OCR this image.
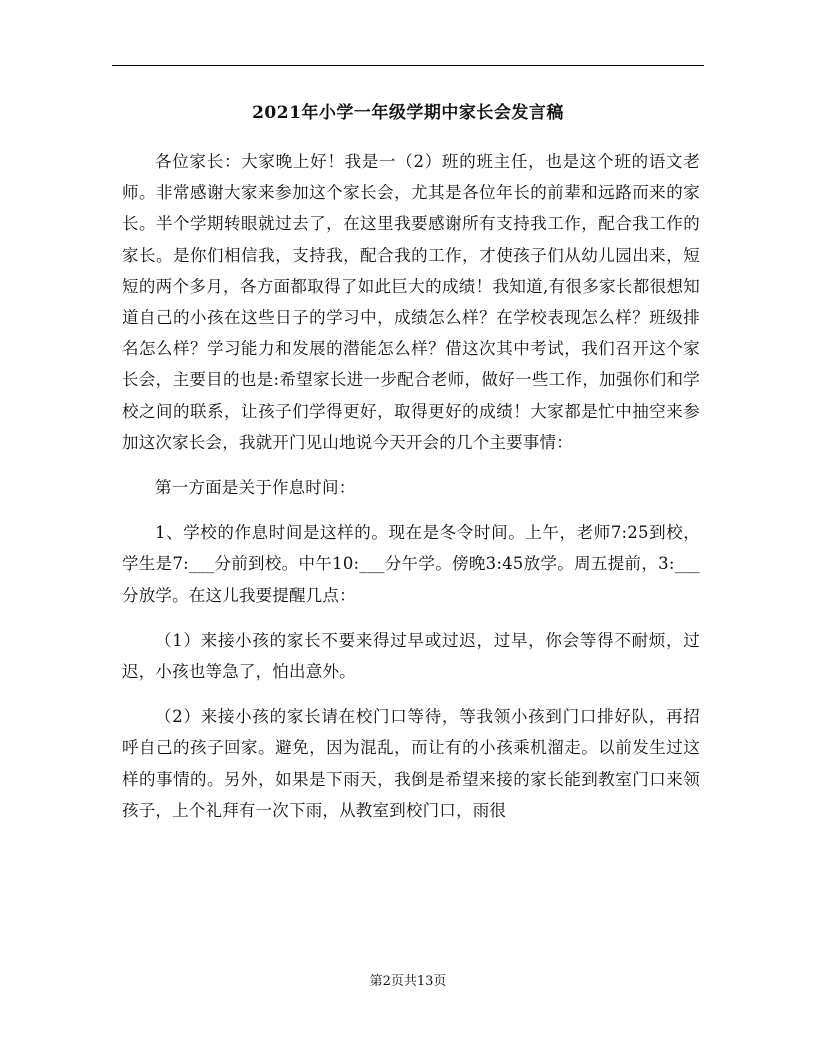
2021年小学一年级学期中家长会发言稿

各位家长：大家晚上好！我是一（2）班的班主任，也是这个班的语文老师。非常感谢大家来参加这个家长会，尤其是各位年长的前辈和远路而来的家长。半个学期转眼就过去了，在这里我要感谢所有支持我工作，配合我工作的家长。是你们相信我，支持我，配合我的工作，才使孩子们从幼儿园出来，短短的两个多月，各方面都取得了如此巨大的成绩！我知道,有很多家长都很想知道自己的小孩在这些日子的学习中，成绩怎么样？在学校表现怎么样？班级排名怎么样？学习能力和发展的潜能怎么样？借这次其中考试，我们召开这个家长会，主要目的也是:希望家长进一步配合老师，做好一些工作，加强你们和学校之间的联系，让孩子们学得更好，取得更好的成绩！大家都是忙中抽空来参加这次家长会，我就开门见山地说今天开会的几个主要事情：

第一方面是关于作息时间：

1、学校的作息时间是这样的。现在是冬令时间。上午，老师7:25到校，学生是7:___分前到校。中午10:___分午学。傍晚3:45放学。周五提前，3:___分放学。在这儿我要提醒几点：

（1）来接小孩的家长不要来得过早或过迟，过早，你会等得不耐烦，过迟，小孩也等急了，怕出意外。

（2）来接小孩的家长请在校门口等待，等我领小孩到门口排好队，再招呼自己的孩子回家。避免，因为混乱，而让有的小孩乘机溜走。以前发生过这样的事情的。另外，如果是下雨天，我倒是希望来接的家长能到教室门口来领孩子，上个礼拜有一次下雨，从教室到校门口，雨很

第2页共13页
